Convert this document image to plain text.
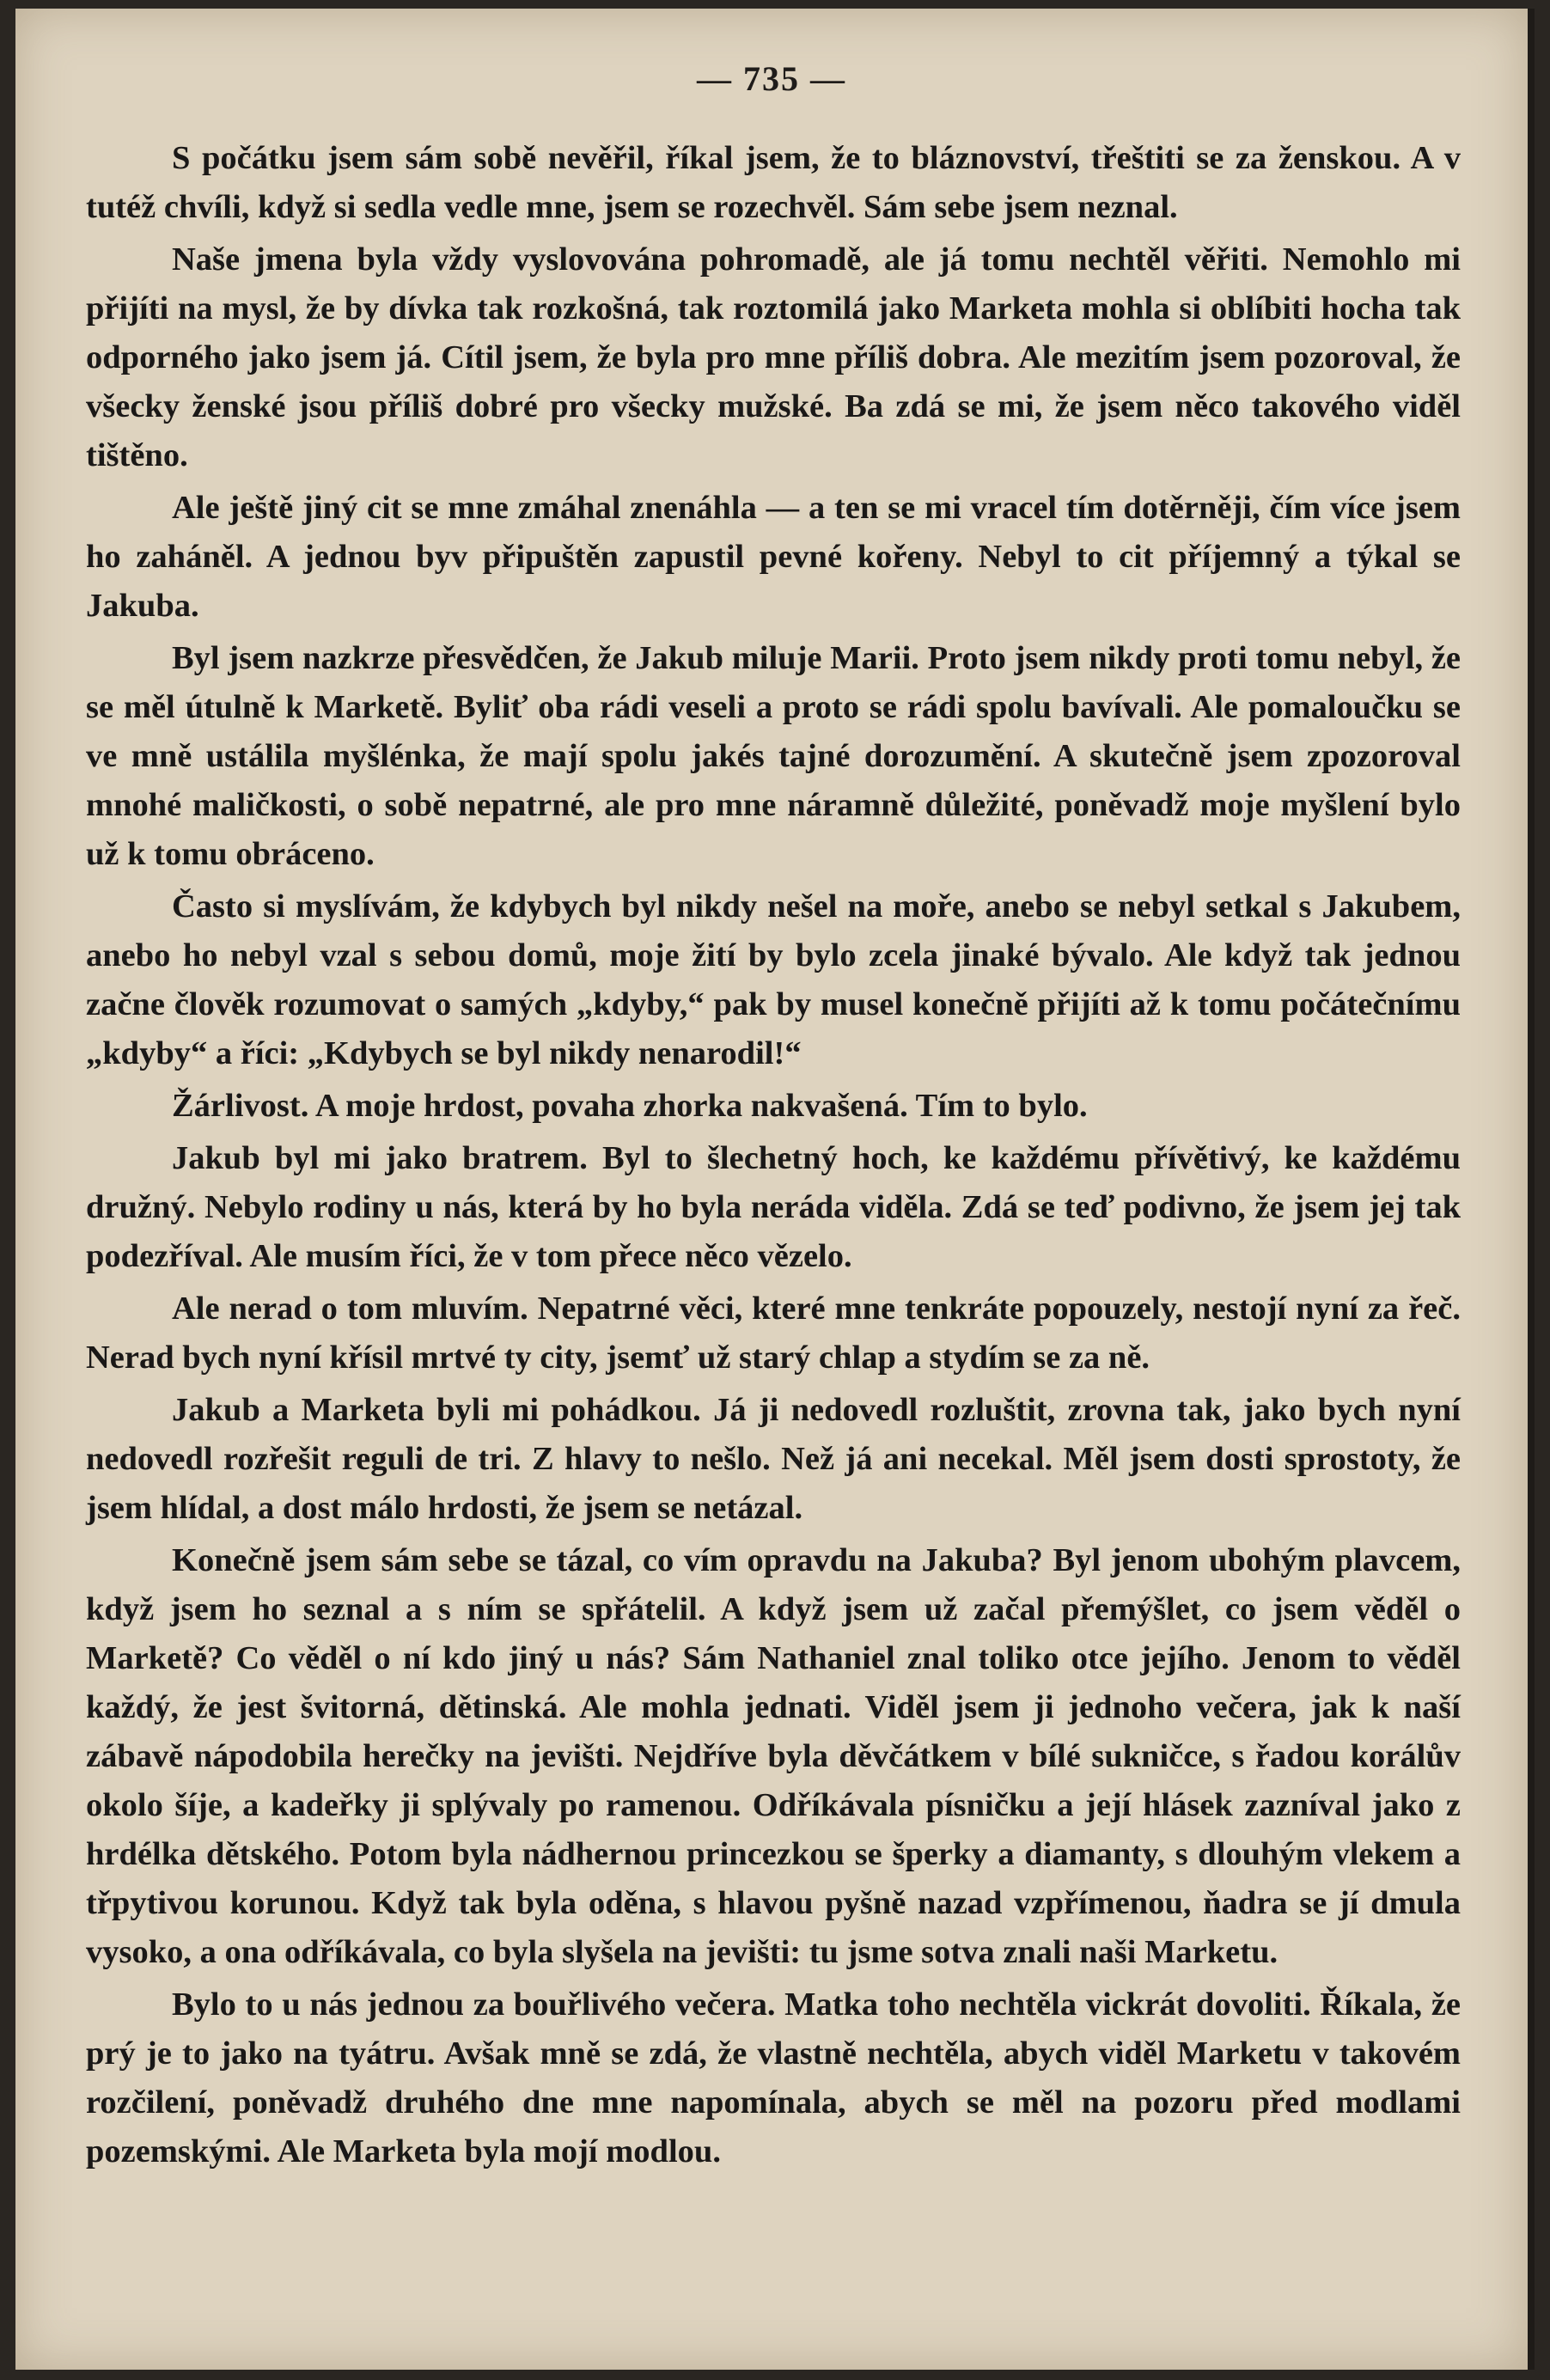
— 735 —

S počátku jsem sám sobě nevěřil, říkal jsem, že to bláznovství, třeštiti se za ženskou. A v tutéž chvíli, když si sedla vedle mne, jsem se rozechvěl. Sám sebe jsem neznal.

Naše jmena byla vždy vyslovována pohromadě, ale já tomu nechtěl věřiti. Nemohlo mi přijíti na mysl, že by dívka tak rozkošná, tak roztomilá jako Marketa mohla si oblíbiti hocha tak odporného jako jsem já. Cítil jsem, že byla pro mne příliš dobra. Ale mezitím jsem pozoroval, že všecky ženské jsou příliš dobré pro všecky mužské. Ba zdá se mi, že jsem něco takového viděl tištěno.

Ale ještě jiný cit se mne zmáhal znenáhla — a ten se mi vracel tím dotěrněji, čím více jsem ho zaháněl. A jednou byv připuštěn zapustil pevné kořeny. Nebyl to cit příjemný a týkal se Jakuba.

Byl jsem nazkrze přesvědčen, že Jakub miluje Marii. Proto jsem nikdy proti tomu nebyl, že se měl útulně k Marketě. Byliť oba rádi veseli a proto se rádi spolu bavívali. Ale pomaloučku se ve mně ustálila myšlénka, že mají spolu jakés tajné dorozumění. A skutečně jsem zpozoroval mnohé maličkosti, o sobě nepatrné, ale pro mne náramně důležité, poněvadž moje myšlení bylo už k tomu obráceno.

Často si myslívám, že kdybych byl nikdy nešel na moře, anebo se nebyl setkal s Jakubem, anebo ho nebyl vzal s sebou domů, moje žití by bylo zcela jinaké bývalo. Ale když tak jednou začne člověk rozumovat o samých „kdyby,“ pak by musel konečně přijíti až k tomu počátečnímu „kdyby“ a říci: „Kdybych se byl nikdy nenarodil!“

Žárlivost. A moje hrdost, povaha zhorka nakvašená. Tím to bylo.

Jakub byl mi jako bratrem. Byl to šlechetný hoch, ke každému přívětivý, ke každému družný. Nebylo rodiny u nás, která by ho byla neráda viděla. Zdá se teď podivno, že jsem jej tak podezříval. Ale musím říci, že v tom přece něco vězelo.

Ale nerad o tom mluvím. Nepatrné věci, které mne tenkráte popouzely, nestojí nyní za řeč. Nerad bych nyní křísil mrtvé ty city, jsemť už starý chlap a stydím se za ně.

Jakub a Marketa byli mi pohádkou. Já ji nedovedl rozluštit, zrovna tak, jako bych nyní nedovedl rozřešit reguli de tri. Z hlavy to nešlo. Než já ani necekal. Měl jsem dosti sprostoty, že jsem hlídal, a dost málo hrdosti, že jsem se netázal.

Konečně jsem sám sebe se tázal, co vím opravdu na Jakuba? Byl jenom ubohým plavcem, když jsem ho seznal a s ním se spřátelil. A když jsem už začal přemýšlet, co jsem věděl o Marketě? Co věděl o ní kdo jiný u nás? Sám Nathaniel znal toliko otce jejího. Jenom to věděl každý, že jest švitorná, dětinská. Ale mohla jednati. Viděl jsem ji jednoho večera, jak k naší zábavě nápodobila herečky na jevišti. Nejdříve byla děvčátkem v bílé sukničce, s řadou korálův okolo šíje, a kadeřky ji splývaly po ramenou. Odříkávala písničku a její hlásek zazníval jako z hrdélka dětského. Potom byla nádhernou princezkou se šperky a diamanty, s dlouhým vlekem a třpytivou korunou. Když tak byla oděna, s hlavou pyšně nazad vzpřímenou, ňadra se jí dmula vysoko, a ona odříkávala, co byla slyšela na jevišti: tu jsme sotva znali naši Marketu.

Bylo to u nás jednou za bouřlivého večera. Matka toho nechtěla vickrát dovoliti. Říkala, že prý je to jako na tyátru. Avšak mně se zdá, že vlastně nechtěla, abych viděl Marketu v takovém rozčilení, poněvadž druhého dne mne napomínala, abych se měl na pozoru před modlami pozemskými. Ale Marketa byla mojí modlou.
